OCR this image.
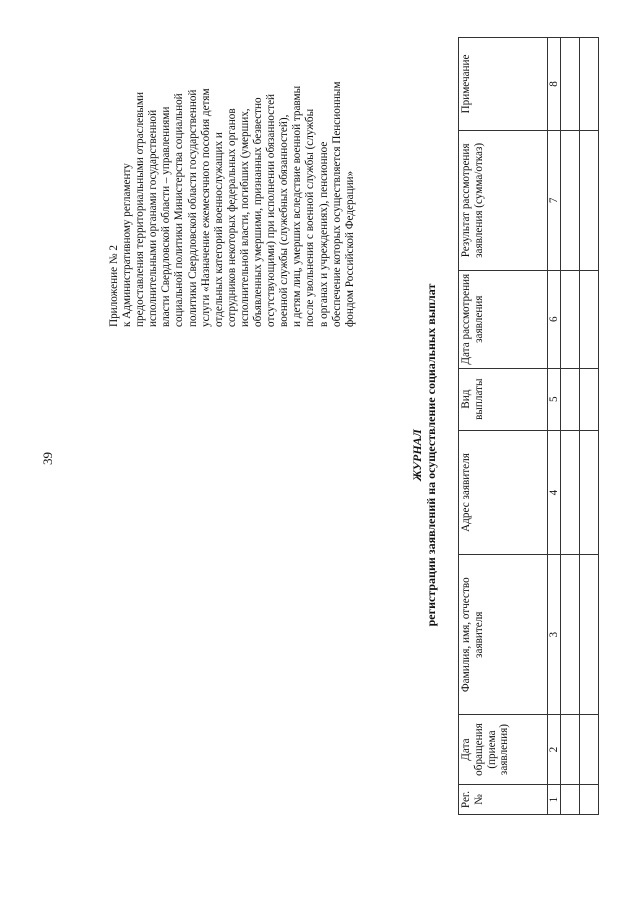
39
Приложение № 2 к Административному регламенту предоставления территориальными отраслевыми исполнительными органами государственной власти Свердловской области – управлениями социальной политики Министерства социальной политики Свердловской области государственной услуги «Назначение ежемесячного пособия детям отдельных категорий военнослужащих и сотрудников некоторых федеральных органов исполнительной власти, погибших (умерших, объявленных умершими, признанных безвестно отсутствующими) при исполнении обязанностей военной службы (служебных обязанностей), и детям лиц, умерших вследствие военной травмы после увольнения с военной службы (службы в органах и учреждениях), пенсионное обеспечение которых осуществляется Пенсионным фондом Российской Федерации»
ЖУРНАЛ регистрации заявлений на осуществление социальных выплат
Рег. №	Дата обращения (приема заявления)	Фамилия, имя, отчество заявителя	Адрес заявителя	Вид выплаты	Дата рассмотрения заявления	Результат рассмотрения заявления (сумма/отказ)	Примечание
1	2	3	4	5	6	7	8
